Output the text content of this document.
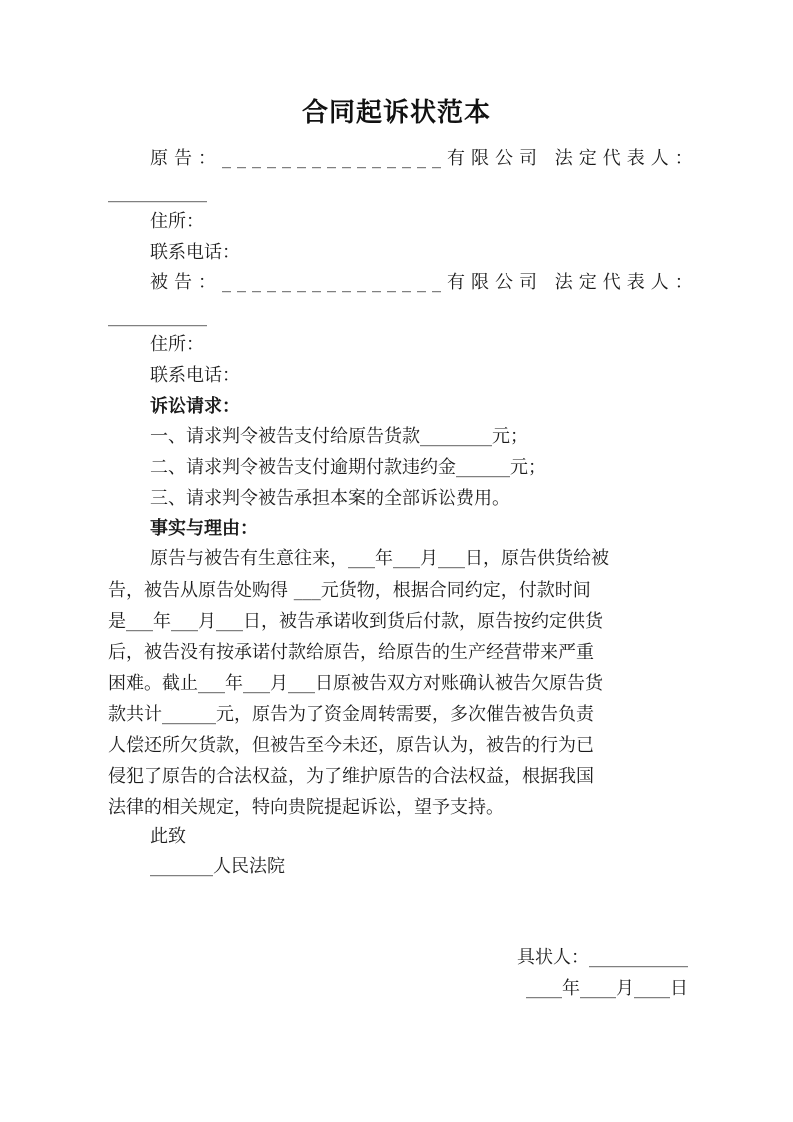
合同起诉状范本
原告：_______________有限公司 法定代表人：
___________
住所：
联系电话：
被告：_______________有限公司 法定代表人：
___________
住所：
联系电话：
诉讼请求：
一、请求判令被告支付给原告货款________元；
二、请求判令被告支付逾期付款违约金______元；
三、请求判令被告承担本案的全部诉讼费用。
事实与理由：
原告与被告有生意往来，___年___月___日，原告供货给被
告，被告从原告处购得 ___元货物，根据合同约定，付款时间
是___年___月___日，被告承诺收到货后付款，原告按约定供货
后，被告没有按承诺付款给原告，给原告的生产经营带来严重
困难。截止___年___月___日原被告双方对账确认被告欠原告货
款共计______元，原告为了资金周转需要，多次催告被告负责
人偿还所欠货款，但被告至今未还，原告认为，被告的行为已
侵犯了原告的合法权益，为了维护原告的合法权益，根据我国
法律的相关规定，特向贵院提起诉讼，望予支持。
此致
_______人民法院
具状人：___________
____年____月____日
